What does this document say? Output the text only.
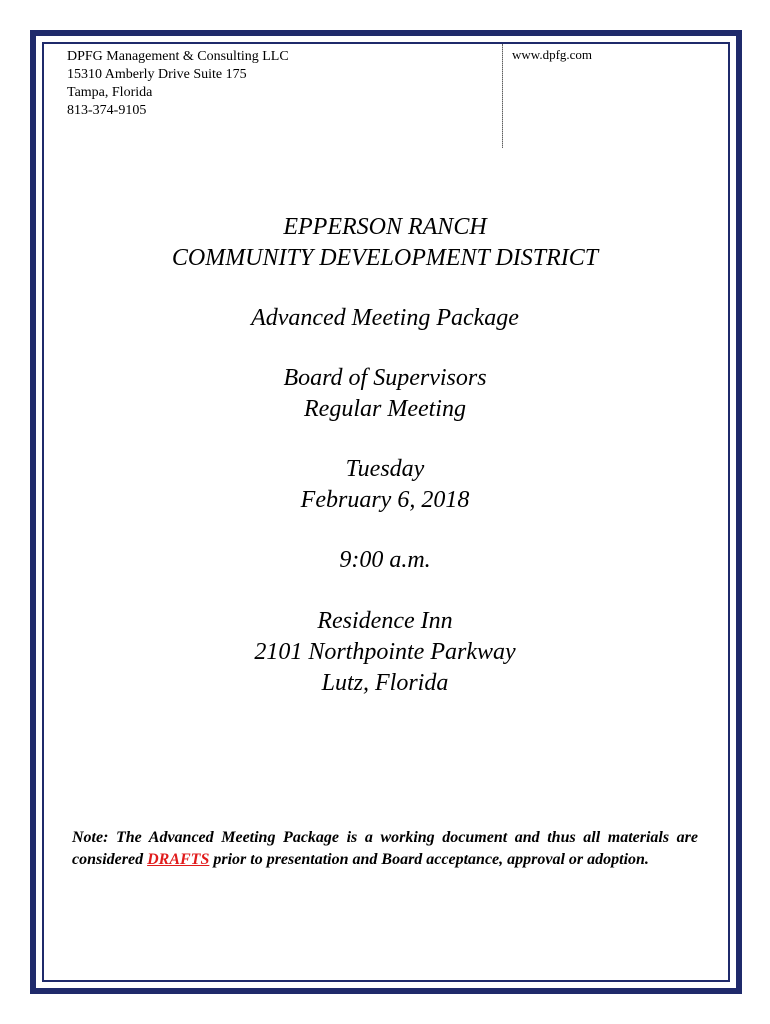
DPFG Management & Consulting LLC
15310 Amberly Drive Suite 175
Tampa, Florida
813-374-9105
www.dpfg.com
EPPERSON RANCH
COMMUNITY DEVELOPMENT DISTRICT
Advanced Meeting Package
Board of Supervisors
Regular Meeting
Tuesday
February 6, 2018
9:00 a.m.
Residence Inn
2101 Northpointe Parkway
Lutz, Florida
Note: The Advanced Meeting Package is a working document and thus all materials are considered DRAFTS prior to presentation and Board acceptance, approval or adoption.
